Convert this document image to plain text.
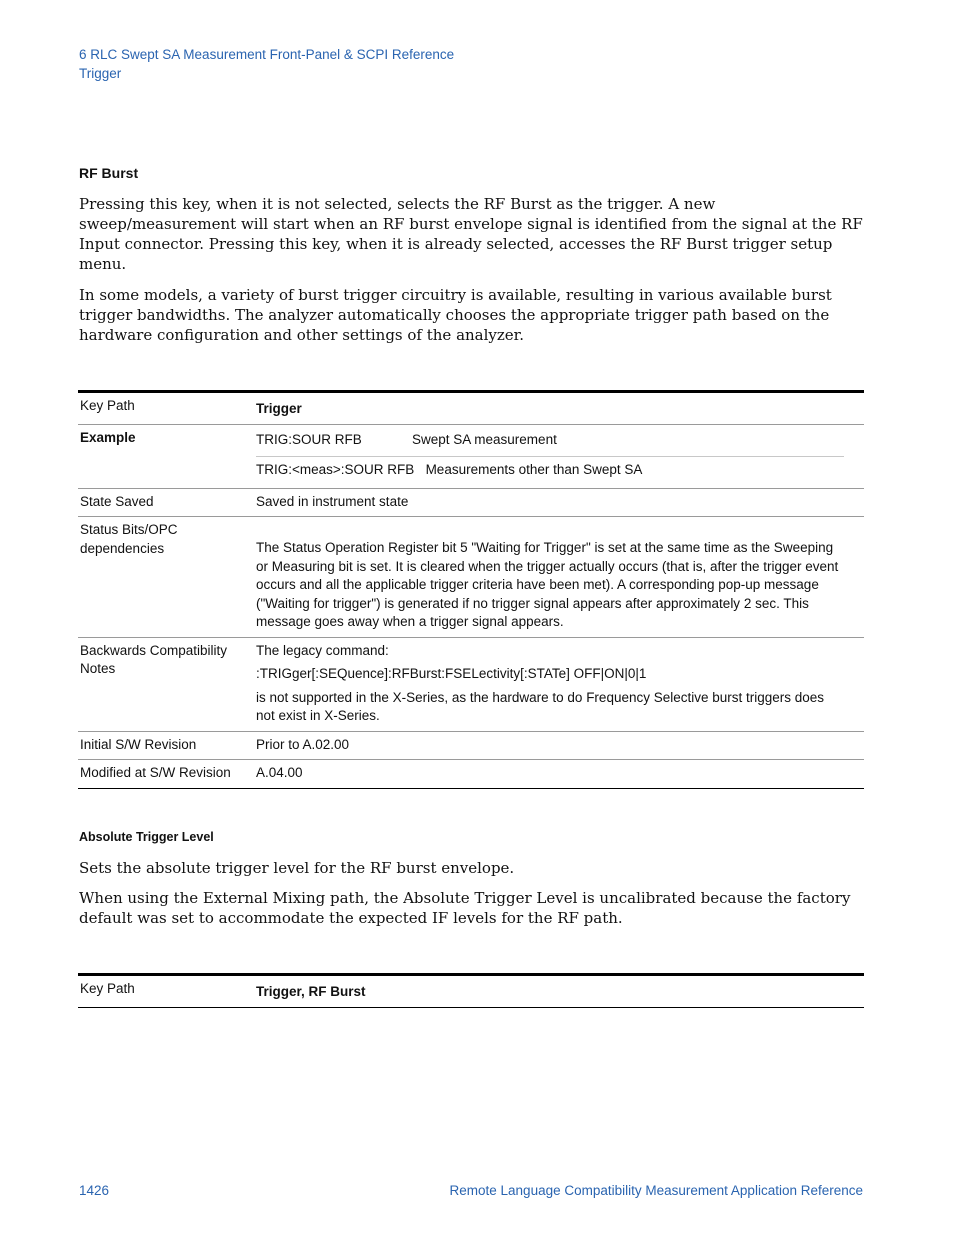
6 RLC Swept SA Measurement Front-Panel & SCPI Reference
Trigger
RF Burst

Pressing this key, when it is not selected, selects the RF Burst as the trigger. A new sweep/measurement will start when an RF burst envelope signal is identified from the signal at the RF Input connector. Pressing this key, when it is already selected, accesses the RF Burst trigger setup menu.

In some models, a variety of burst trigger circuitry is available, resulting in various available burst trigger bandwidths. The analyzer automatically chooses the appropriate trigger path based on the hardware configuration and other settings of the analyzer.

Key Path	Trigger
Example	TRIG:SOUR RFB Swept SA measurement
TRIG:<meas>:SOUR RFB Measurements other than Swept SA

State Saved	Saved in instrument state
Status Bits/OPC dependencies	The Status Operation Register bit 5 "Waiting for Trigger" is set at the same time as the Sweeping or Measuring bit is set. It is cleared when the trigger actually occurs (that is, after the trigger event occurs and all the applicable trigger criteria have been met). A corresponding pop-up message ("Waiting for trigger") is generated if no trigger signal appears after approximately 2 sec. This message goes away when a trigger signal appears.
Backwards Compatibility Notes	The legacy command:
:TRIGger[:SEQuence]:RFBurst:FSELectivity[:STATe] OFF|ON|0|1
is not supported in the X-Series, as the hardware to do Frequency Selective burst triggers does not exist in X-Series.

Initial S/W Revision	Prior to A.02.00
Modified at S/W Revision	A.04.00
Absolute Trigger Level

Sets the absolute trigger level for the RF burst envelope.

When using the External Mixing path, the Absolute Trigger Level is uncalibrated because the factory default was set to accommodate the expected IF levels for the RF path.

Key Path	Trigger, RF Burst
1426	Remote Language Compatibility Measurement Application Reference
